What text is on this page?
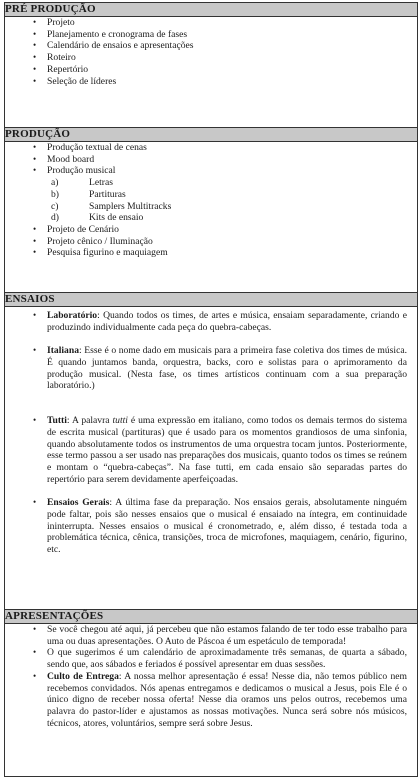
PRÉ PRODUÇÃO

• Projeto
• Planejamento e cronograma de fases
• Calendário de ensaios e apresentações
• Roteiro
• Repertório
• Seleção de líderes

PRODUÇÃO

• Produção textual de cenas
• Mood board
• Produção musical
a)	Letras
b)	Partituras
c)	Samplers Multitracks
d)	Kits de ensaio
• Projeto de Cenário
• Projeto cênico / Iluminação
• Pesquisa figurino e maquiagem

ENSAIOS

• Laboratório: Quando todos os times, de artes e música, ensaiam separadamente, criando e produzindo individualmente cada peça do quebra-cabeças.
• Italiana: Esse é o nome dado em musicais para a primeira fase coletiva dos times de música. É quando juntamos banda, orquestra, backs, coro e solistas para o aprimoramento da produção musical. (Nesta fase, os times artísticos continuam com a sua preparação laboratório.)
• Tutti: A palavra tutti é uma expressão em italiano, como todos os demais termos do sistema de escrita musical (partituras) que é usado para os momentos grandiosos de uma sinfonia, quando absolutamente todos os instrumentos de uma orquestra tocam juntos. Posteriormente, esse termo passou a ser usado nas preparações dos musicais, quanto todos os times se reúnem e montam o “quebra-cabeças”. Na fase tutti, em cada ensaio são separadas partes do repertório para serem devidamente aperfeiçoadas.
• Ensaios Gerais: A última fase da preparação. Nos ensaios gerais, absolutamente ninguém pode faltar, pois são nesses ensaios que o musical é ensaiado na íntegra, em continuidade ininterrupta. Nesses ensaios o musical é cronometrado, e, além disso, é testada toda a problemática técnica, cênica, transições, troca de microfones, maquiagem, cenário, figurino, etc.

APRESENTAÇÕES

• Se você chegou até aqui, já percebeu que não estamos falando de ter todo esse trabalho para uma ou duas apresentações. O Auto de Páscoa é um espetáculo de temporada!
• O que sugerimos é um calendário de aproximadamente três semanas, de quarta a sábado, sendo que, aos sábados e feriados é possível apresentar em duas sessões.
• Culto de Entrega: A nossa melhor apresentação é essa! Nesse dia, não temos público nem recebemos convidados. Nós apenas entregamos e dedicamos o musical a Jesus, pois Ele é o único digno de receber nossa oferta! Nesse dia oramos uns pelos outros, recebemos uma palavra do pastor-líder e ajustamos as nossas motivações. Nunca será sobre nós músicos, técnicos, atores, voluntários, sempre será sobre Jesus.
